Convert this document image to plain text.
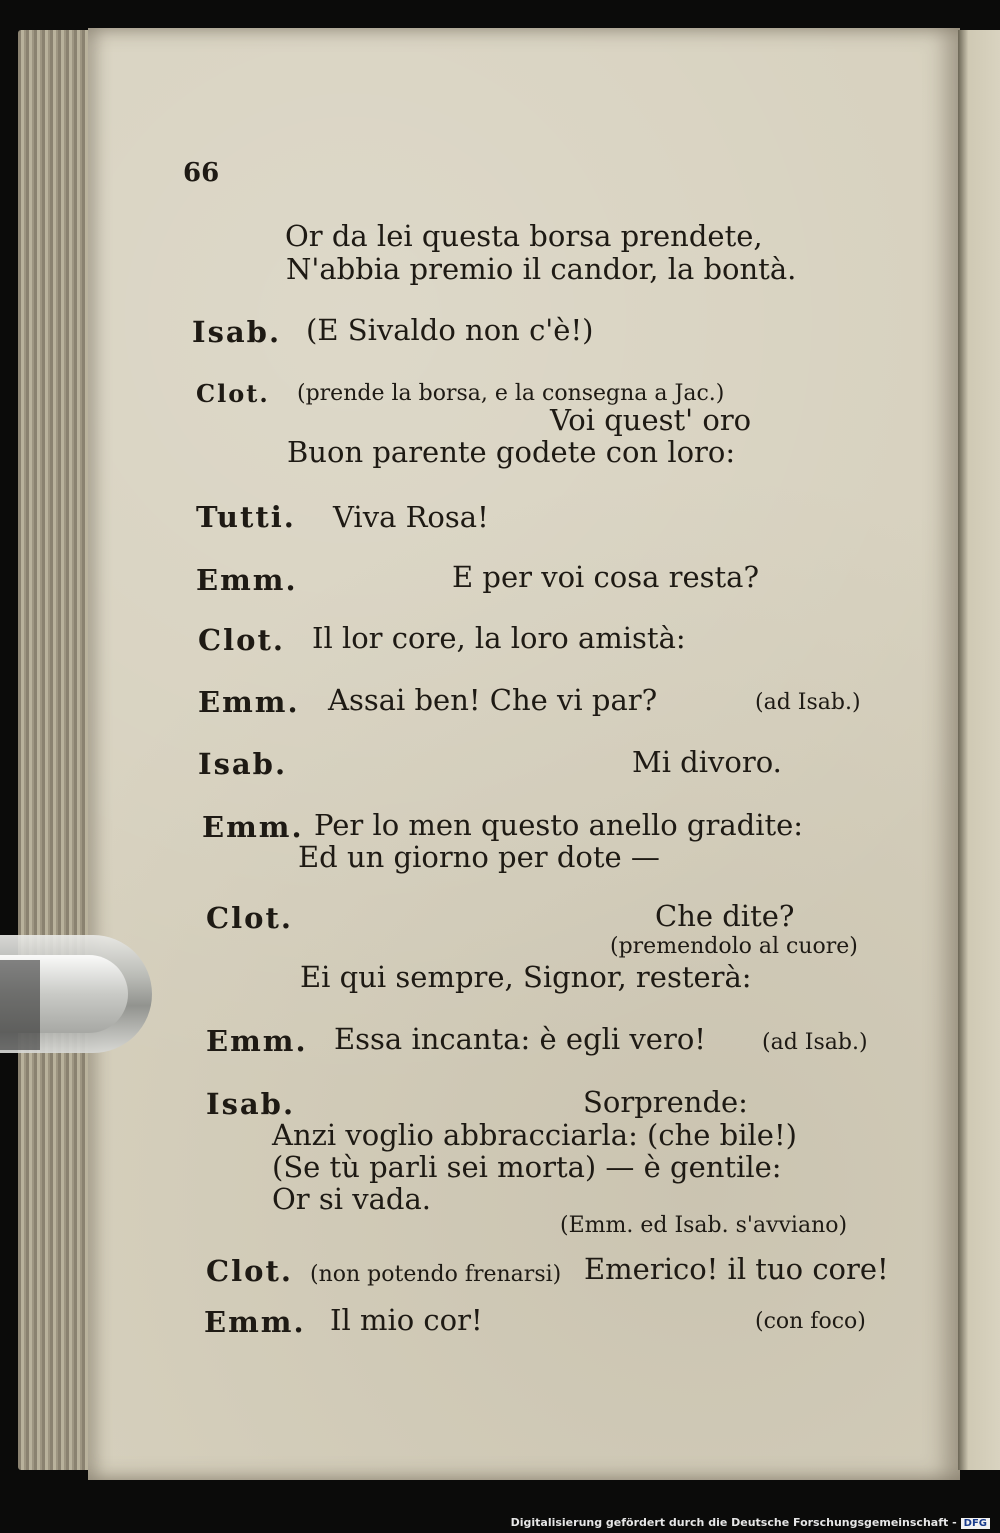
66
Or da lei questa borsa prendete,
N'abbia premio il candor, la bontà.
Isab. (E Sivaldo non c'è!)
Clot. (prende la borsa, e la consegna a Jac.)
Voi quest' oro
Buon parente godete con loro:
Tutti. Viva Rosa!
Emm.	E per voi cosa resta?
Clot. Il lor core, la loro amistà:
Emm. Assai ben! Che vi par?	(ad Isab.)
Isab.	Mi divoro.
Emm. Per lo men questo anello gradite:
Ed un giorno per dote —
Clot.	Che dite?
(premendolo al cuore)
Ei qui sempre, Signor, resterà:
Emm. Essa incanta: è egli vero!	(ad Isab.)
Isab.	Sorprende:
Anzi voglio abbracciarla: (che bile!)
(Se tù parli sei morta) — è gentile:
Or si vada.
(Emm. ed Isab. s'avviano)
Clot. (non potendo frenarsi) Emerico! il tuo core!
Emm. Il mio cor!	(con foco)
Digitalisierung gefördert durch die Deutsche Forschungsgemeinschaft - DFG
